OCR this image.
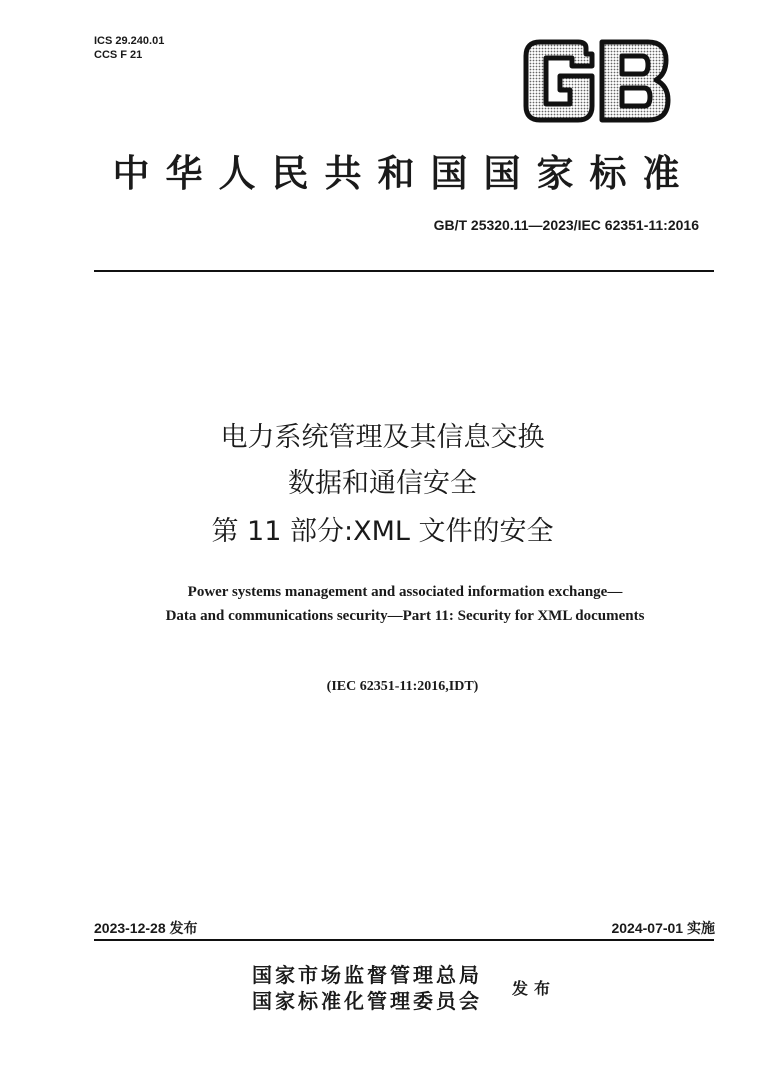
ICS 29.240.01
CCS F 21
中华人民共和国国家标准
GB/T 25320.11—2023/IEC 62351-11:2016
电力系统管理及其信息交换
数据和通信安全
第 11 部分:XML 文件的安全
Power systems management and associated information exchange—
Data and communications security—Part 11: Security for XML documents
(IEC 62351-11:2016,IDT)
2023-12-28 发布	2024-07-01 实施
国家市场监督管理总局
国家标准化管理委员会
发布
